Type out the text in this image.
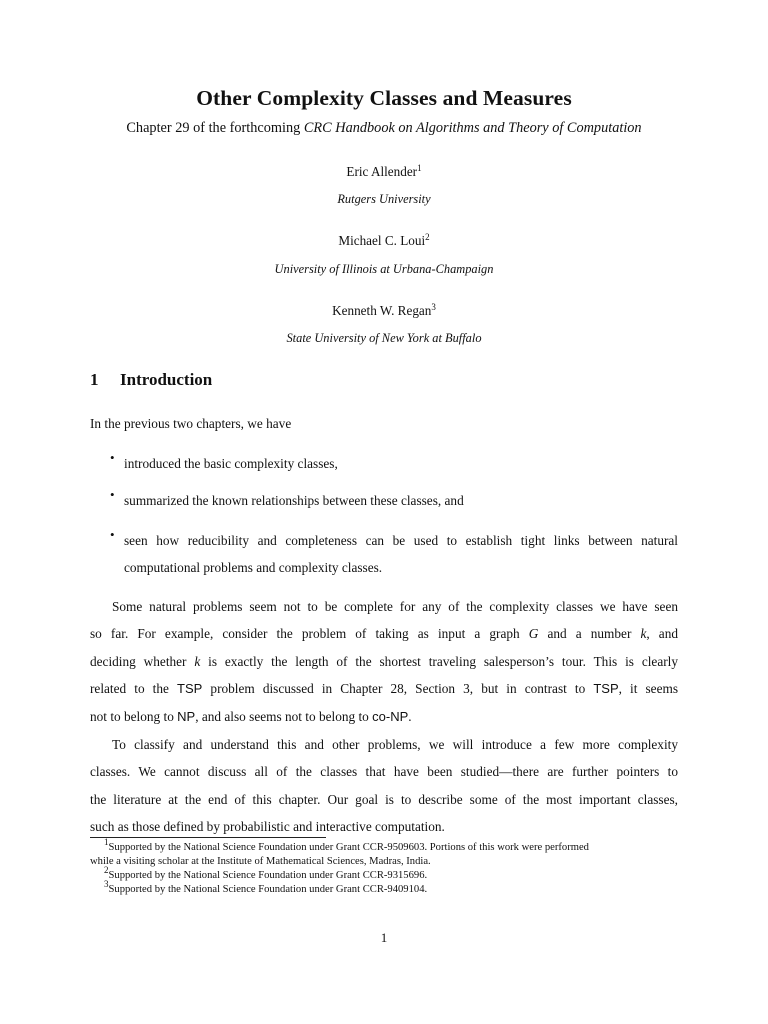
Other Complexity Classes and Measures
Chapter 29 of the forthcoming CRC Handbook on Algorithms and Theory of Computation
Eric Allender$^1$
Rutgers University
Michael C. Loui$^2$
University of Illinois at Urbana-Champaign
Kenneth W. Regan$^3$
State University of New York at Buffalo
1 Introduction
In the previous two chapters, we have
• introduced the basic complexity classes,
• summarized the known relationships between these classes, and
• seen how reducibility and completeness can be used to establish tight links between natural
computational problems and complexity classes.
Some natural problems seem not to be complete for any of the complexity classes we have seen
so far. For example, consider the problem of taking as input a graph G and a number k, and
deciding whether k is exactly the length of the shortest traveling salesperson’s tour. This is clearly
related to the TSP problem discussed in Chapter 28, Section 3, but in contrast to TSP, it seems
not to belong to NP, and also seems not to belong to co-NP.
To classify and understand this and other problems, we will introduce a few more complexity
classes. We cannot discuss all of the classes that have been studied—there are further pointers to
the literature at the end of this chapter. Our goal is to describe some of the most important classes,
such as those defined by probabilistic and interactive computation.
$^1$Supported by the National Science Foundation under Grant CCR-9509603. Portions of this work were performed
while a visiting scholar at the Institute of Mathematical Sciences, Madras, India.
$^2$Supported by the National Science Foundation under Grant CCR-9315696.
$^3$Supported by the National Science Foundation under Grant CCR-9409104.
1
